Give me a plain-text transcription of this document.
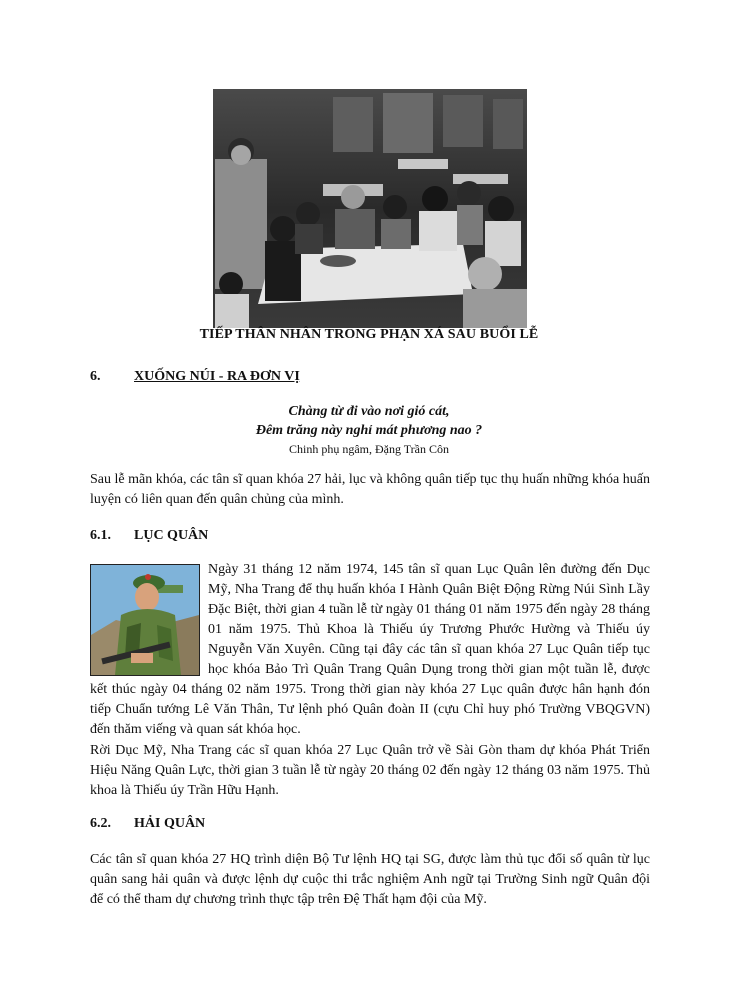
TIẾP THÂN NHÂN TRONG PHẠN XÁ SAU BUỔI LỄ
6. XUỐNG NÚI - RA ĐƠN VỊ
Chàng từ đi vào nơi gió cát,
Đêm trăng này nghỉ mát phương nao ?
Chinh phụ ngâm, Đặng Trần Côn

Sau lễ mãn khóa, các tân sĩ quan khóa 27 hải, lục và không quân tiếp tục thụ huấn những khóa huấn luyện có liên quan đến quân chủng của mình.

6.1. LỤC QUÂN
Ngày 31 tháng 12 năm 1974, 145 tân sĩ quan Lục Quân lên đường đến Dục Mỹ, Nha Trang để thụ huấn khóa I Hành Quân Biệt Động Rừng Núi Sình Lầy Đặc Biệt, thời gian 4 tuần lễ từ ngày 01 tháng 01 năm 1975 đến ngày 28 tháng 01 năm 1975. Thủ Khoa là Thiếu úy Trương Phước Hường và Thiếu úy Nguyễn Văn Xuyên. Cũng tại đây các tân sĩ quan khóa 27 Lục Quân tiếp tục học khóa Bảo Trì Quân Trang Quân Dụng trong thời gian một tuần lễ, được kết thúc ngày 04 tháng 02 năm 1975. Trong thời gian này khóa 27 Lục quân được hân hạnh đón tiếp Chuẩn tướng Lê Văn Thân, Tư lệnh phó Quân đoàn II (cựu Chỉ huy phó Trường VBQGVN) đến thăm viếng và quan sát khóa học.

Rời Dục Mỹ, Nha Trang các sĩ quan khóa 27 Lục Quân trở về Sài Gòn tham dự khóa Phát Triển Hiệu Năng Quân Lực, thời gian 3 tuần lễ từ ngày 20 tháng 02 đến ngày 12 tháng 03 năm 1975. Thủ khoa là Thiếu úy Trần Hữu Hạnh.

6.2. HẢI QUÂN

Các tân sĩ quan khóa 27 HQ trình diện Bộ Tư lệnh HQ tại SG, được làm thủ tục đổi số quân từ lục quân sang hải quân và được lệnh dự cuộc thi trắc nghiệm Anh ngữ tại Trường Sinh ngữ Quân đội để có thể tham dự chương trình thực tập trên Đệ Thất hạm đội của Mỹ.
